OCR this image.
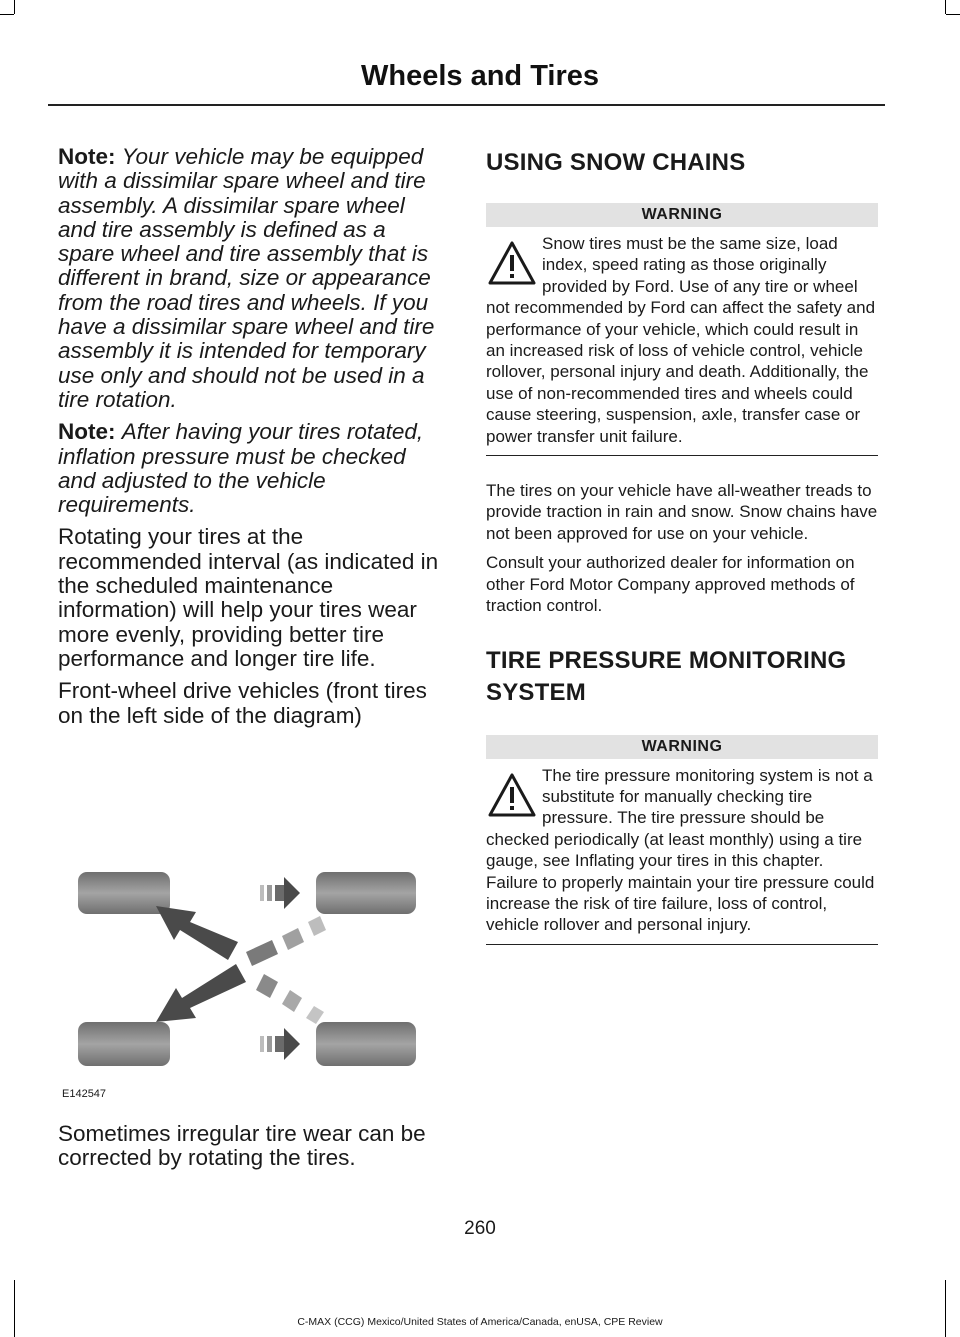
Wheels and Tires

Note: Your vehicle may be equipped with a dissimilar spare wheel and tire assembly. A dissimilar spare wheel and tire assembly is defined as a spare wheel and tire assembly that is different in brand, size or appearance from the road tires and wheels. If you have a dissimilar spare wheel and tire assembly it is intended for temporary use only and should not be used in a tire rotation.

Note: After having your tires rotated, inflation pressure must be checked and adjusted to the vehicle requirements.

Rotating your tires at the recommended interval (as indicated in the scheduled maintenance information) will help your tires wear more evenly, providing better tire performance and longer tire life.

Front-wheel drive vehicles (front tires on the left side of the diagram)

E142547

Sometimes irregular tire wear can be corrected by rotating the tires.

USING SNOW CHAINS
WARNING
Snow tires must be the same size, load index, speed rating as those originally provided by Ford. Use of any tire or wheel not recommended by Ford can affect the safety and performance of your vehicle, which could result in an increased risk of loss of vehicle control, vehicle rollover, personal injury and death. Additionally, the use of non-recommended tires and wheels could cause steering, suspension, axle, transfer case or power transfer unit failure.

The tires on your vehicle have all-weather treads to provide traction in rain and snow. Snow chains have not been approved for use on your vehicle.

Consult your authorized dealer for information on other Ford Motor Company approved methods of traction control.

TIRE PRESSURE MONITORING
SYSTEM
WARNING
The tire pressure monitoring system is not a substitute for manually checking tire pressure. The tire pressure should be checked periodically (at least monthly) using a tire gauge, see Inflating your tires in this chapter. Failure to properly maintain your tire pressure could increase the risk of tire failure, loss of control, vehicle rollover and personal injury.
260
C-MAX (CCG) Mexico/United States of America/Canada, enUSA, CPE Review
